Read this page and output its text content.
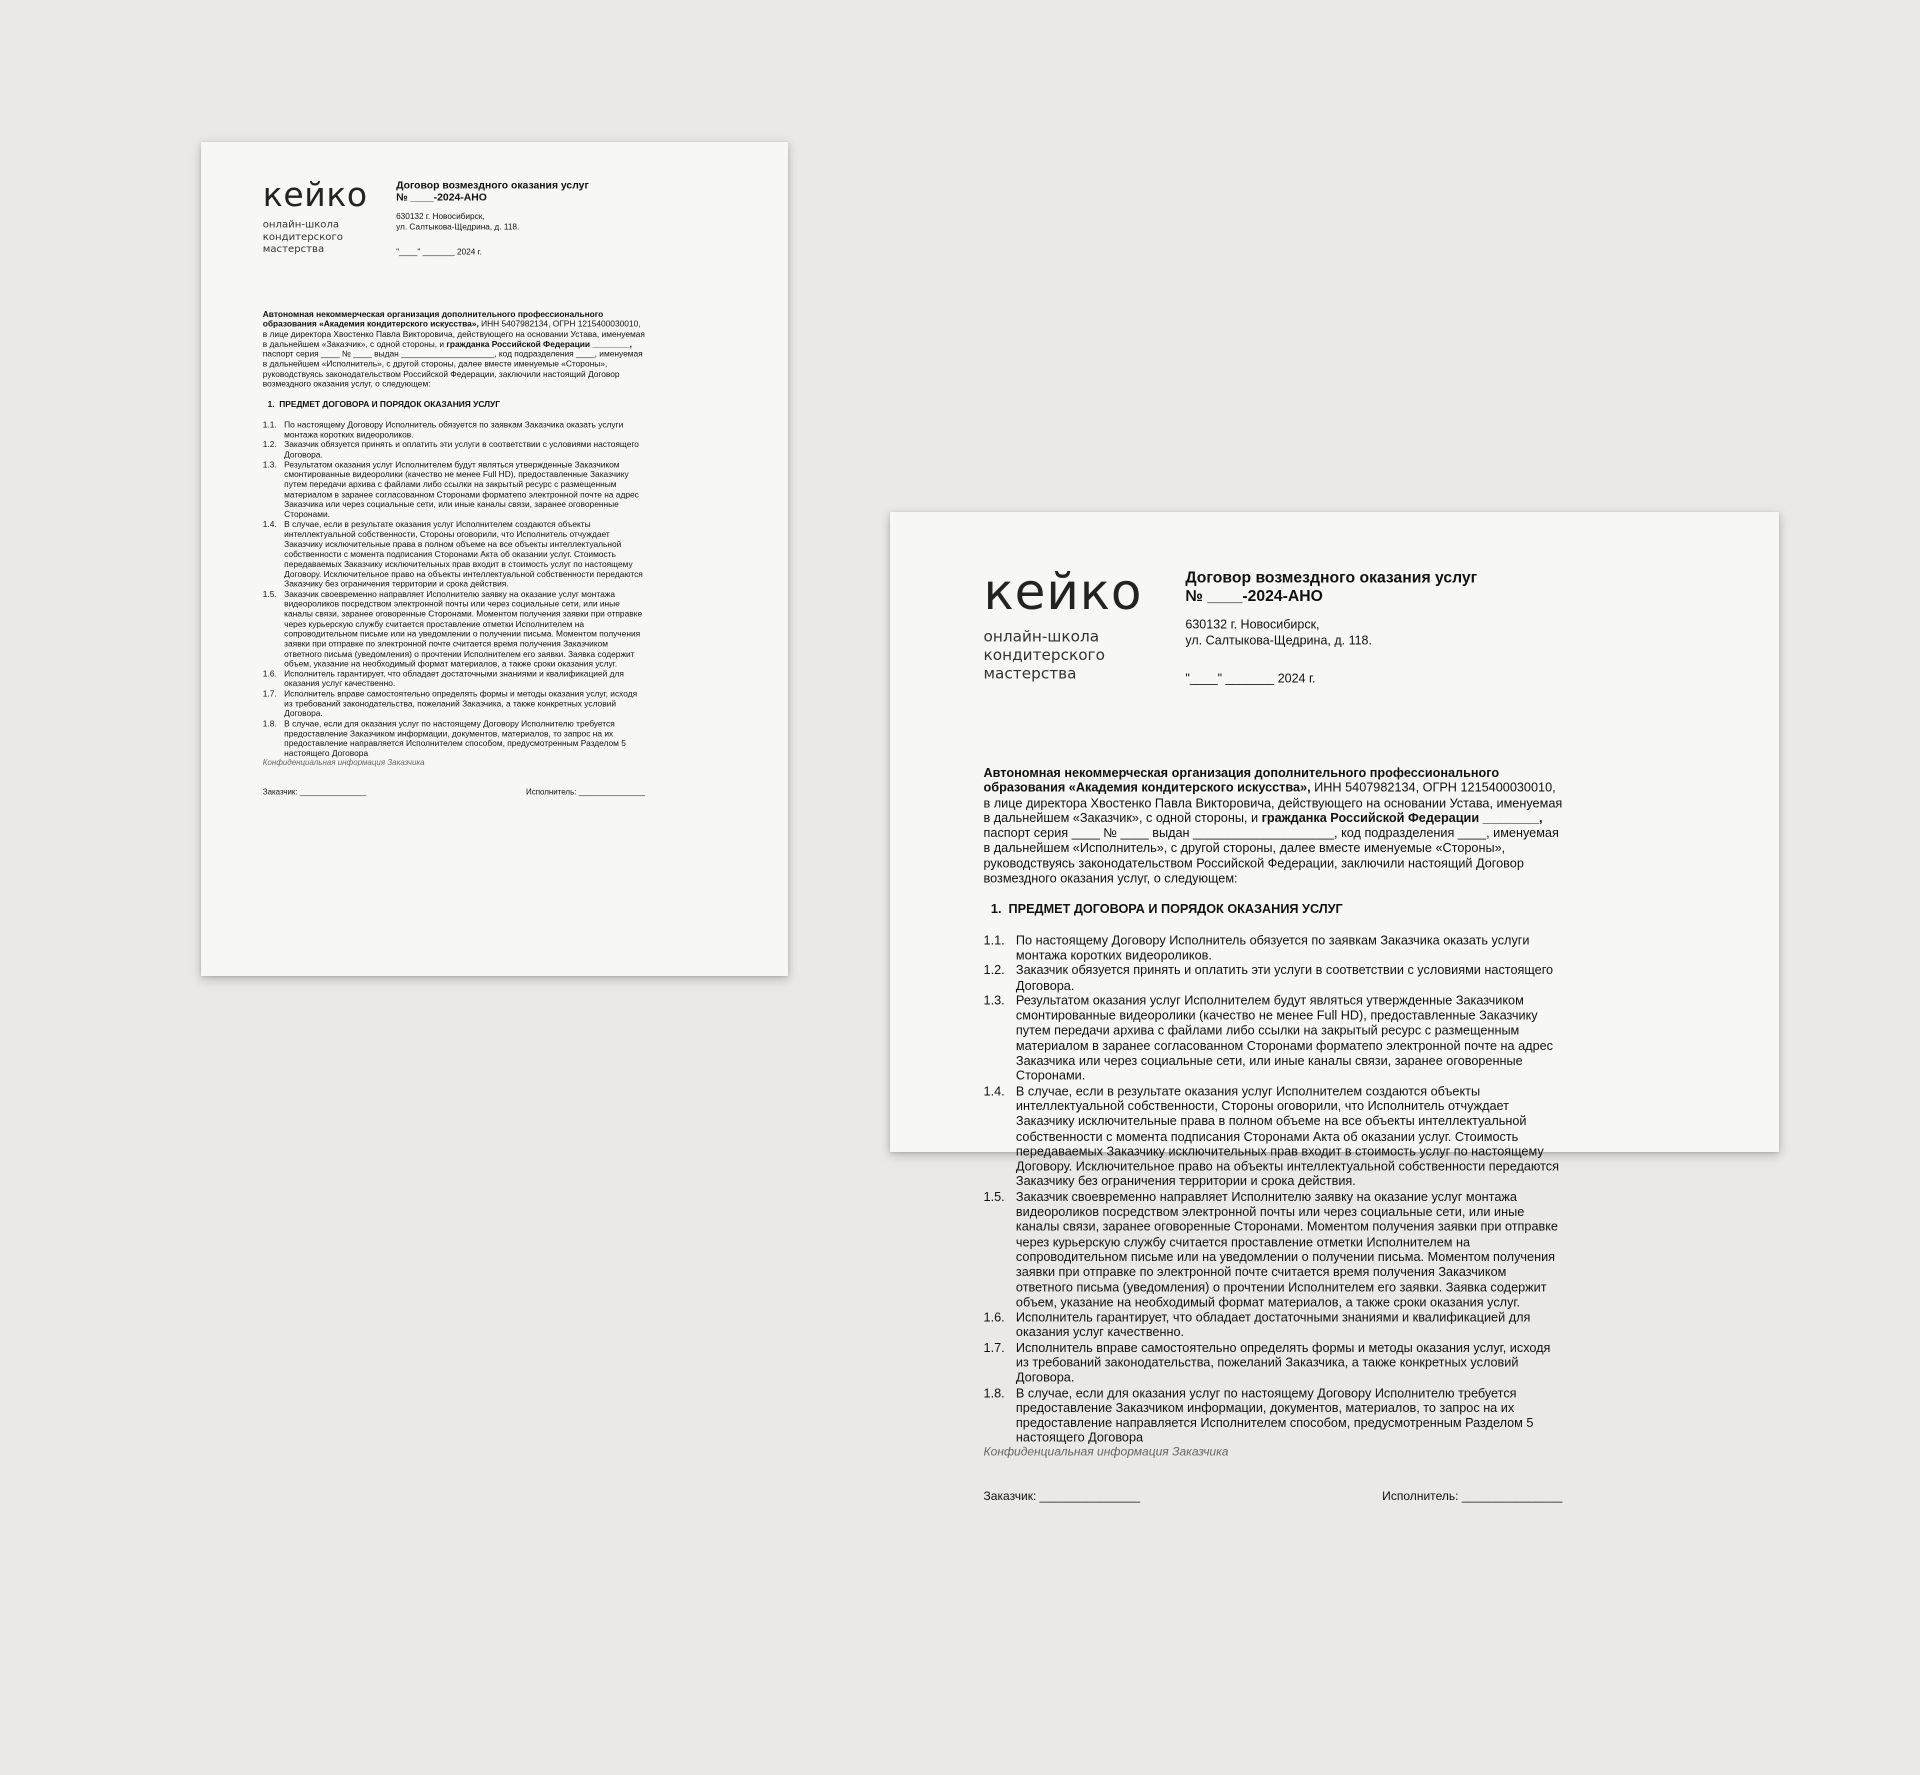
кейко
онлайн-школа
кондитерского
мастерства
Договор возмездного оказания услуг
№ ____-2024-АНО
630132 г. Новосибирск,
ул. Салтыкова-Щедрина, д. 118.
"____" _______ 2024 г.

Автономная некоммерческая организация дополнительного профессионального образования «Академия кондитерского искусства», ИНН 5407982134, ОГРН 1215400030010, в лице директора Хвостенко Павла Викторовича, действующего на основании Устава, именуемая в дальнейшем «Заказчик», с одной стороны, и гражданка Российской Федерации ________, паспорт серия ____ № ____ выдан ____________________, код подразделения ____, именуемая в дальнейшем «Исполнитель», с другой стороны, далее вместе именуемые «Стороны», руководствуясь законодательством Российской Федерации, заключили настоящий Договор возмездного оказания услуг, о следующем:

1. ПРЕДМЕТ ДОГОВОРА И ПОРЯДОК ОКАЗАНИЯ УСЛУГ
1.1. По настоящему Договору Исполнитель обязуется по заявкам Заказчика оказать услуги монтажа коротких видеороликов.
1.2. Заказчик обязуется принять и оплатить эти услуги в соответствии с условиями настоящего Договора.
1.3. Результатом оказания услуг Исполнителем будут являться утвержденные Заказчиком смонтированные видеоролики (качество не менее Full HD), предоставленные Заказчику путем передачи архива с файлами либо ссылки на закрытый ресурс с размещенным материалом в заранее согласованном Сторонами форматепо электронной почте на адрес Заказчика или через социальные сети, или иные каналы связи, заранее оговоренные Сторонами.
1.4. В случае, если в результате оказания услуг Исполнителем создаются объекты интеллектуальной собственности, Стороны оговорили, что Исполнитель отчуждает Заказчику исключительные права в полном объеме на все объекты интеллектуальной собственности с момента подписания Сторонами Акта об оказании услуг. Стоимость передаваемых Заказчику исключительных прав входит в стоимость услуг по настоящему Договору. Исключительное право на объекты интеллектуальной собственности передаются Заказчику без ограничения территории и срока действия.
1.5. Заказчик своевременно направляет Исполнителю заявку на оказание услуг монтажа видеороликов посредством электронной почты или через социальные сети, или иные каналы связи, заранее оговоренные Сторонами. Моментом получения заявки при отправке через курьерскую службу считается проставление отметки Исполнителем на сопроводительном письме или на уведомлении о получении письма. Моментом получения заявки при отправке по электронной почте считается время получения Заказчиком ответного письма (уведомления) о прочтении Исполнителем его заявки. Заявка содержит объем, указание на необходимый формат материалов, а также сроки оказания услуг.
1.6. Исполнитель гарантирует, что обладает достаточными знаниями и квалификацией для оказания услуг качественно.
1.7. Исполнитель вправе самостоятельно определять формы и методы оказания услуг, исходя из требований законодательства, пожеланий Заказчика, а также конкретных условий Договора.
1.8. В случае, если для оказания услуг по настоящему Договору Исполнителю требуется предоставление Заказчиком информации, документов, материалов, то запрос на их предоставление направляется Исполнителем способом, предусмотренным Разделом 5 настоящего Договора
Конфиденциальная информация Заказчика
Заказчик: _______________	Исполнитель: _______________
кейко
онлайн-школа
кондитерского
мастерства
Договор возмездного оказания услуг
№ ____-2024-АНО
630132 г. Новосибирск,
ул. Салтыкова-Щедрина, д. 118.
"____" _______ 2024 г.

Автономная некоммерческая организация дополнительного профессионального образования «Академия кондитерского искусства», ИНН 5407982134, ОГРН 1215400030010, в лице директора Хвостенко Павла Викторовича, действующего на основании Устава, именуемая в дальнейшем «Заказчик», с одной стороны, и гражданка Российской Федерации ________, паспорт серия ____ № ____ выдан ____________________, код подразделения ____, именуемая в дальнейшем «Исполнитель», с другой стороны, далее вместе именуемые «Стороны», руководствуясь законодательством Российской Федерации, заключили настоящий Договор возмездного оказания услуг, о следующем:

1. ПРЕДМЕТ ДОГОВОРА И ПОРЯДОК ОКАЗАНИЯ УСЛУГ
1.1. По настоящему Договору Исполнитель обязуется по заявкам Заказчика оказать услуги монтажа коротких видеороликов.
1.2. Заказчик обязуется принять и оплатить эти услуги в соответствии с условиями настоящего Договора.
1.3. Результатом оказания услуг Исполнителем будут являться утвержденные Заказчиком смонтированные видеоролики (качество не менее Full HD), предоставленные Заказчику путем передачи архива с файлами либо ссылки на закрытый ресурс с размещенным материалом в заранее согласованном Сторонами форматепо электронной почте на адрес Заказчика или через социальные сети, или иные каналы связи, заранее оговоренные Сторонами.
1.4. В случае, если в результате оказания услуг Исполнителем создаются объекты интеллектуальной собственности, Стороны оговорили, что Исполнитель отчуждает Заказчику исключительные права в полном объеме на все объекты интеллектуальной собственности с момента подписания Сторонами Акта об оказании услуг. Стоимость передаваемых Заказчику исключительных прав входит в стоимость услуг по настоящему Договору. Исключительное право на объекты интеллектуальной собственности передаются Заказчику без ограничения территории и срока действия.
1.5. Заказчик своевременно направляет Исполнителю заявку на оказание услуг монтажа видеороликов посредством электронной почты или через социальные сети, или иные каналы связи, заранее оговоренные Сторонами. Моментом получения заявки при отправке через курьерскую службу считается проставление отметки Исполнителем на сопроводительном письме или на уведомлении о получении письма. Моментом получения заявки при отправке по электронной почте считается время получения Заказчиком ответного письма (уведомления) о прочтении Исполнителем его заявки. Заявка содержит объем, указание на необходимый формат материалов, а также сроки оказания услуг.
1.6. Исполнитель гарантирует, что обладает достаточными знаниями и квалификацией для оказания услуг качественно.
1.7. Исполнитель вправе самостоятельно определять формы и методы оказания услуг, исходя из требований законодательства, пожеланий Заказчика, а также конкретных условий Договора.
1.8. В случае, если для оказания услуг по настоящему Договору Исполнителю требуется предоставление Заказчиком информации, документов, материалов, то запрос на их предоставление направляется Исполнителем способом, предусмотренным Разделом 5 настоящего Договора
Конфиденциальная информация Заказчика
Заказчик: _______________	Исполнитель: _______________
